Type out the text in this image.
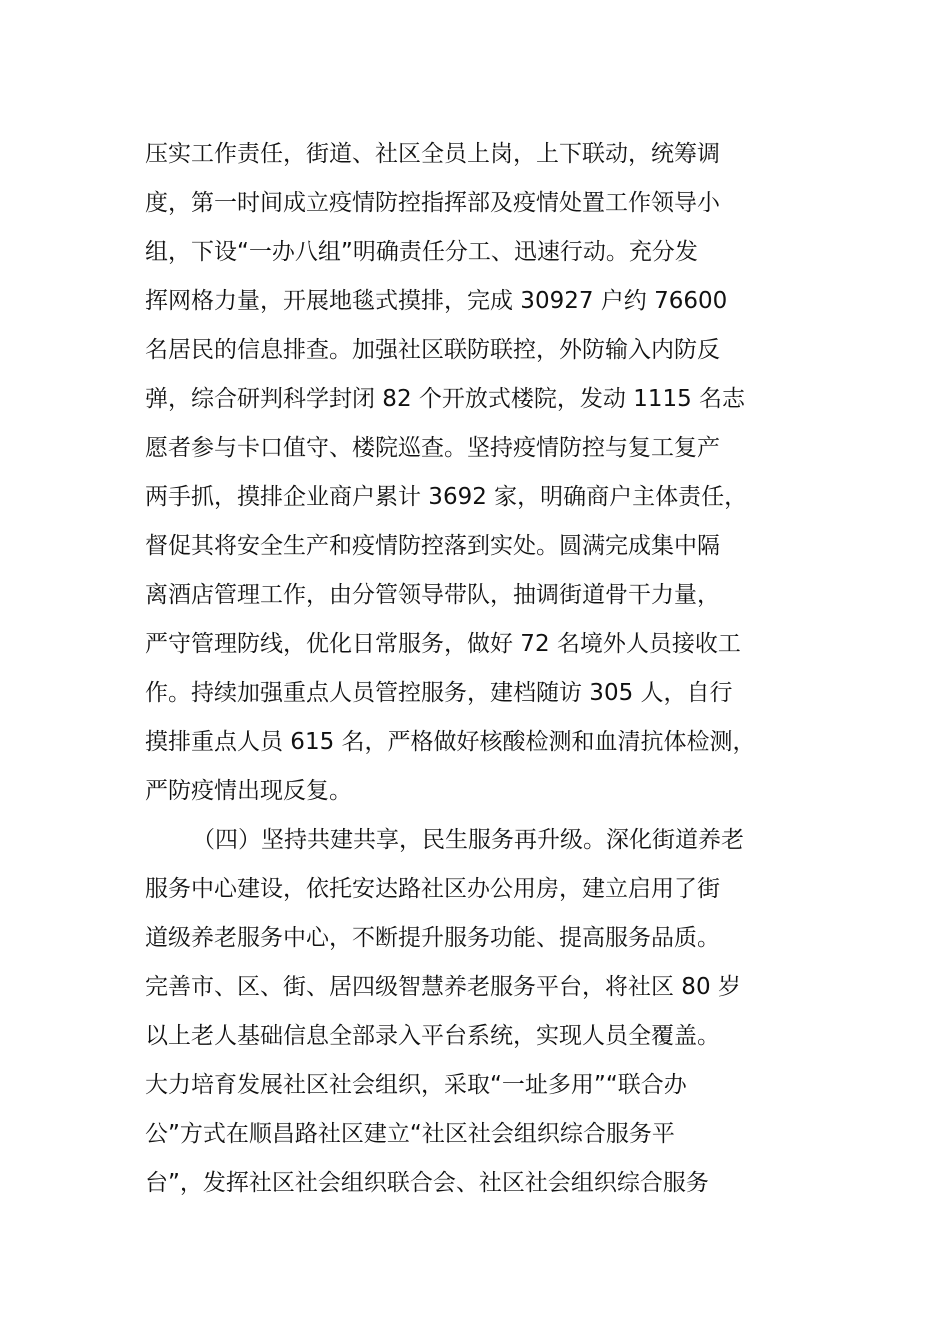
压实工作责任，街道、社区全员上岗，上下联动，统筹调
度，第一时间成立疫情防控指挥部及疫情处置工作领导小
组，下设“一办八组”明确责任分工、迅速行动。充分发
挥网格力量，开展地毯式摸排，完成 30927 户约 76600
名居民的信息排查。加强社区联防联控，外防输入内防反
弹，综合研判科学封闭 82 个开放式楼院，发动 1115 名志
愿者参与卡口值守、楼院巡查。坚持疫情防控与复工复产
两手抓，摸排企业商户累计 3692 家，明确商户主体责任，
督促其将安全生产和疫情防控落到实处。圆满完成集中隔
离酒店管理工作，由分管领导带队，抽调街道骨干力量，
严守管理防线，优化日常服务，做好 72 名境外人员接收工
作。持续加强重点人员管控服务，建档随访 305 人，自行
摸排重点人员 615 名，严格做好核酸检测和血清抗体检测，
严防疫情出现反复。
（四）坚持共建共享，民生服务再升级。深化街道养老
服务中心建设，依托安达路社区办公用房，建立启用了街
道级养老服务中心，不断提升服务功能、提高服务品质。
完善市、区、街、居四级智慧养老服务平台，将社区 80 岁
以上老人基础信息全部录入平台系统，实现人员全覆盖。
大力培育发展社区社会组织，采取“一址多用”“联合办
公”方式在顺昌路社区建立“社区社会组织综合服务平
台”，发挥社区社会组织联合会、社区社会组织综合服务
